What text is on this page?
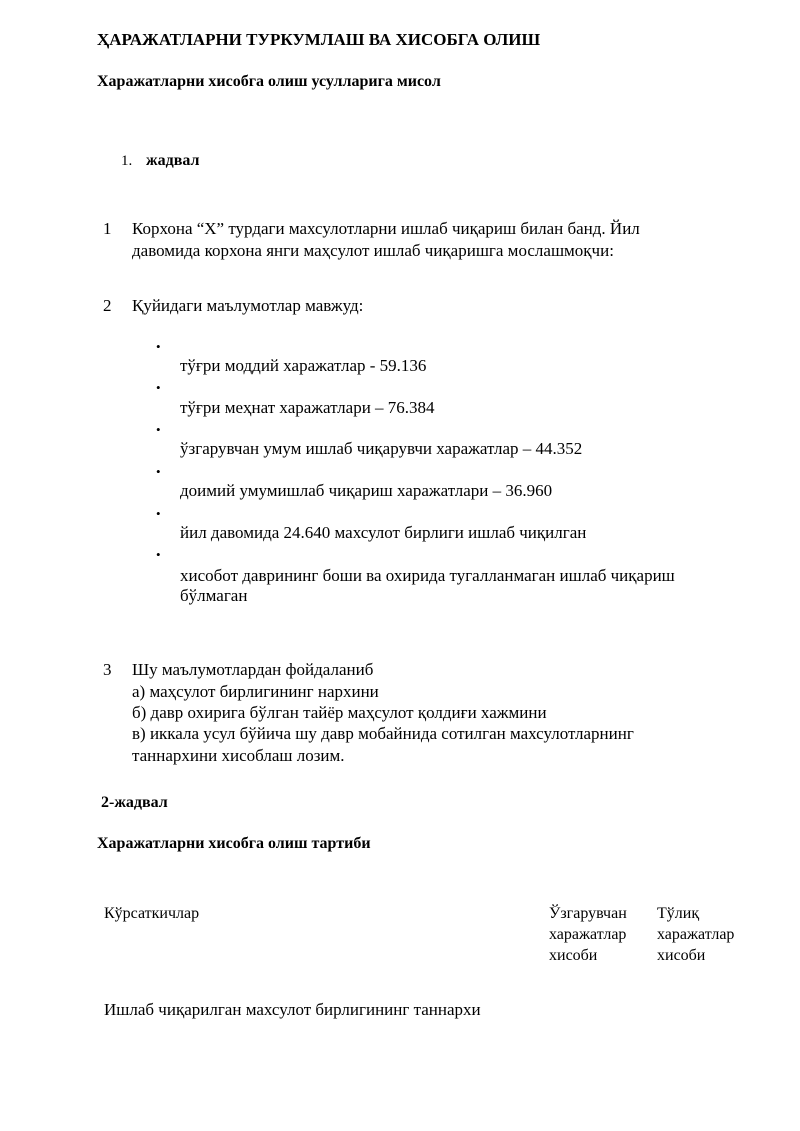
ҲАРАЖАТЛАРНИ ТУРКУМЛАШ ВА ХИСОБГА ОЛИШ
Харажатларни хисобга олиш усулларига мисол
1. жадвал
1 Корхона “X” турдаги махсулотларни ишлаб чиқариш билан банд. Йил
давомида корхона янги маҳсулот ишлаб чиқаришга мослашмоқчи:
2 Қуйидаги маълумотлар мавжуд:
•
тўғри моддий харажатлар - 59.136
•
тўғри меҳнат харажатлари – 76.384
•
ўзгарувчан умум ишлаб чиқарувчи харажатлар – 44.352
•
доимий умумишлаб чиқариш харажатлари – 36.960
•
йил давомида 24.640 махсулот бирлиги ишлаб чиқилган
•
хисобот даврининг боши ва охирида тугалланмаган ишлаб чиқариш
бўлмаган
3 Шу маълумотлардан фойдаланиб
а) маҳсулот бирлигининг нархини
б) давр охирига бўлган тайёр маҳсулот қолдиғи хажмини
в) иккала усул бўйича шу давр мобайнида сотилган махсулотларнинг
таннархини хисоблаш лозим.
2-жадвал
Харажатларни хисобга олиш тартиби
Кўрсаткичлар	Ўзгарувчан
харажатлар
хисоби
Тўлиқ
харажатлар
хисоби
Ишлаб чиқарилган махсулот бирлигининг таннархи
